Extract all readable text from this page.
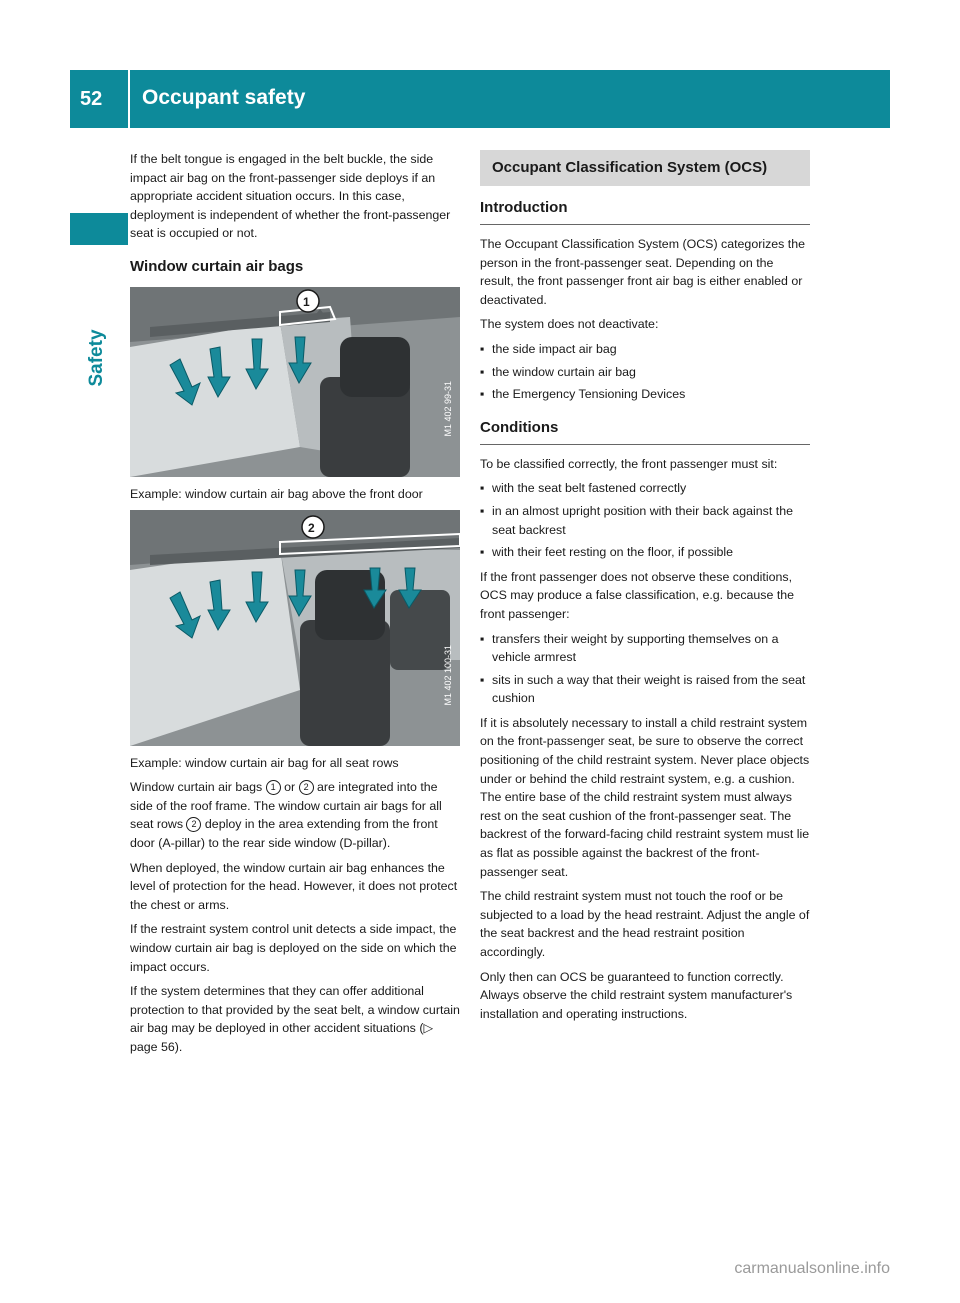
52 Occupant safety
Safety

If the belt tongue is engaged in the belt buckle, the side impact air bag on the front-passenger side deploys if an appropriate accident situation occurs. In this case, deployment is independent of whether the front-passenger seat is occupied or not.

Window curtain air bags
1
M1 402 99-31

Example: window curtain air bag above the front door

2
M1 402 100-31

Example: window curtain air bag for all seat rows

Window curtain air bags 1 or 2 are integrated into the side of the roof frame. The window curtain air bags for all seat rows 2 deploy in the area extending from the front door (A-pillar) to the rear side window (D-pillar).

When deployed, the window curtain air bag enhances the level of protection for the head. However, it does not protect the chest or arms.

If the restraint system control unit detects a side impact, the window curtain air bag is deployed on the side on which the impact occurs.

If the system determines that they can offer additional protection to that provided by the seat belt, a window curtain air bag may be deployed in other accident situations (▷ page 56).

Occupant Classification System (OCS)
Introduction

The Occupant Classification System (OCS) categorizes the person in the front-passenger seat. Depending on the result, the front passenger front air bag is either enabled or deactivated.

The system does not deactivate:

▪ the side impact air bag
▪ the window curtain air bag
▪ the Emergency Tensioning Devices
Conditions

To be classified correctly, the front passenger must sit:

▪ with the seat belt fastened correctly
▪ in an almost upright position with their back against the seat backrest
▪ with their feet resting on the floor, if possible

If the front passenger does not observe these conditions, OCS may produce a false classification, e.g. because the front passenger:

▪ transfers their weight by supporting themselves on a vehicle armrest
▪ sits in such a way that their weight is raised from the seat cushion

If it is absolutely necessary to install a child restraint system on the front-passenger seat, be sure to observe the correct positioning of the child restraint system. Never place objects under or behind the child restraint system, e.g. a cushion. The entire base of the child restraint system must always rest on the seat cushion of the front-passenger seat. The backrest of the forward-facing child restraint system must lie as flat as possible against the backrest of the front-passenger seat.

The child restraint system must not touch the roof or be subjected to a load by the head restraint. Adjust the angle of the seat backrest and the head restraint position accordingly.

Only then can OCS be guaranteed to function correctly. Always observe the child restraint system manufacturer's installation and operating instructions.

carmanualsonline.info
